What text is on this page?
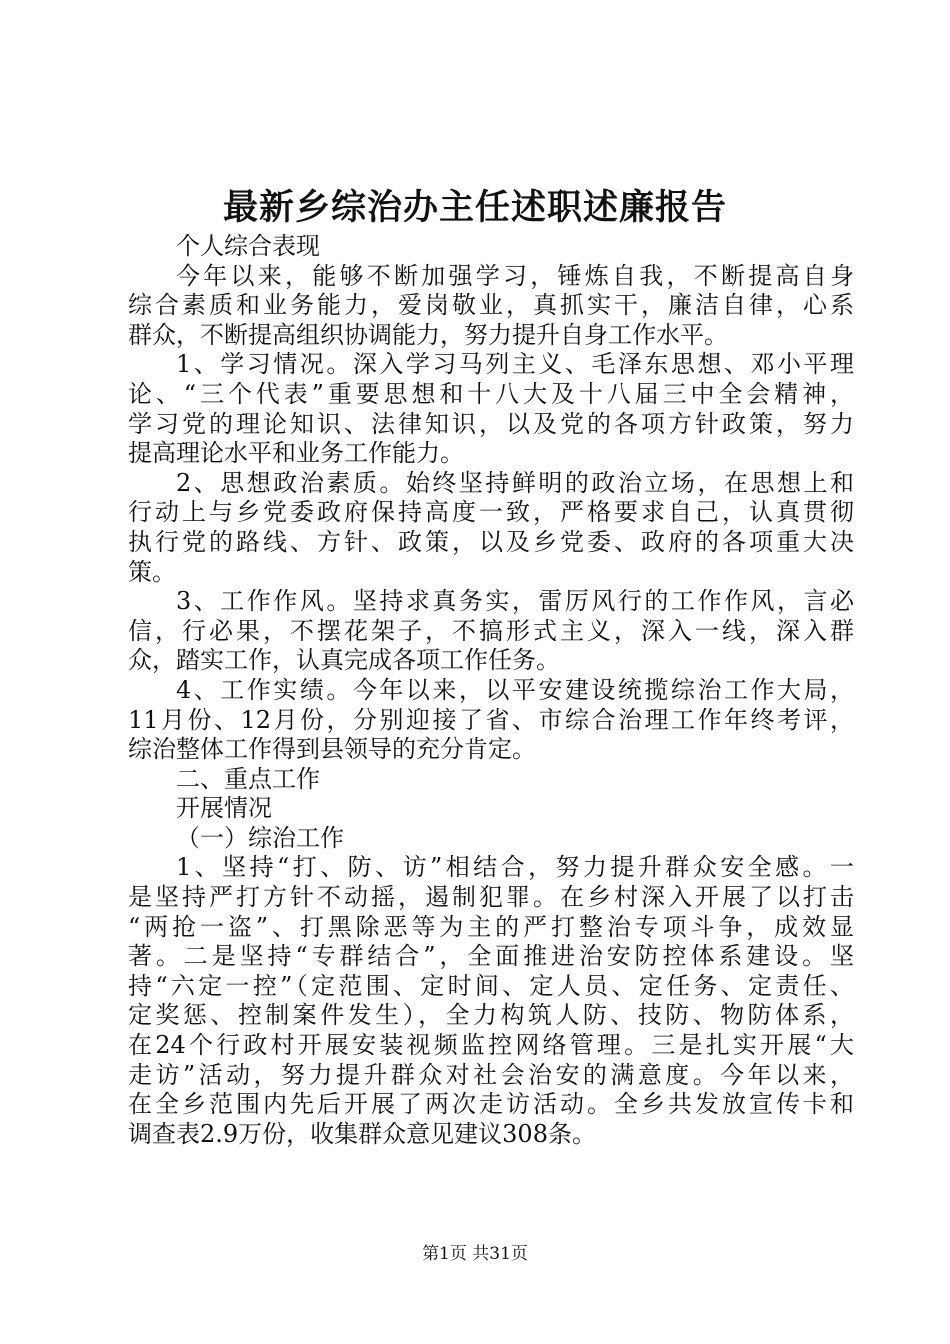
最新乡综治办主任述职述廉报告
个人综合表现
今年以来，能够不断加强学习，锤炼自我，不断提高自身
综合素质和业务能力，爱岗敬业，真抓实干，廉洁自律，心系
群众，不断提高组织协调能力，努力提升自身工作水平。
1、学习情况。深入学习马列主义、毛泽东思想、邓小平理
论、“三个代表”重要思想和十八大及十八届三中全会精神，
学习党的理论知识、法律知识，以及党的各项方针政策，努力
提高理论水平和业务工作能力。
2、思想政治素质。始终坚持鲜明的政治立场，在思想上和
行动上与乡党委政府保持高度一致，严格要求自己，认真贯彻
执行党的路线、方针、政策，以及乡党委、政府的各项重大决
策。
3、工作作风。坚持求真务实，雷厉风行的工作作风，言必
信，行必果，不摆花架子，不搞形式主义，深入一线，深入群
众，踏实工作，认真完成各项工作任务。
4、工作实绩。今年以来，以平安建设统揽综治工作大局，
11月份、12月份，分别迎接了省、市综合治理工作年终考评，
综治整体工作得到县领导的充分肯定。
二、重点工作
开展情况
（一）综治工作
1、坚持“打、防、访”相结合，努力提升群众安全感。一
是坚持严打方针不动摇，遏制犯罪。在乡村深入开展了以打击
“两抢一盗”、打黑除恶等为主的严打整治专项斗争，成效显
著。二是坚持“专群结合”，全面推进治安防控体系建设。坚
持“六定一控”（定范围、定时间、定人员、定任务、定责任、
定奖惩、控制案件发生），全力构筑人防、技防、物防体系，
在24个行政村开展安装视频监控网络管理。三是扎实开展“大
走访”活动，努力提升群众对社会治安的满意度。今年以来，
在全乡范围内先后开展了两次走访活动。全乡共发放宣传卡和
调查表2.9万份，收集群众意见建议308条。
第1页 共31页
